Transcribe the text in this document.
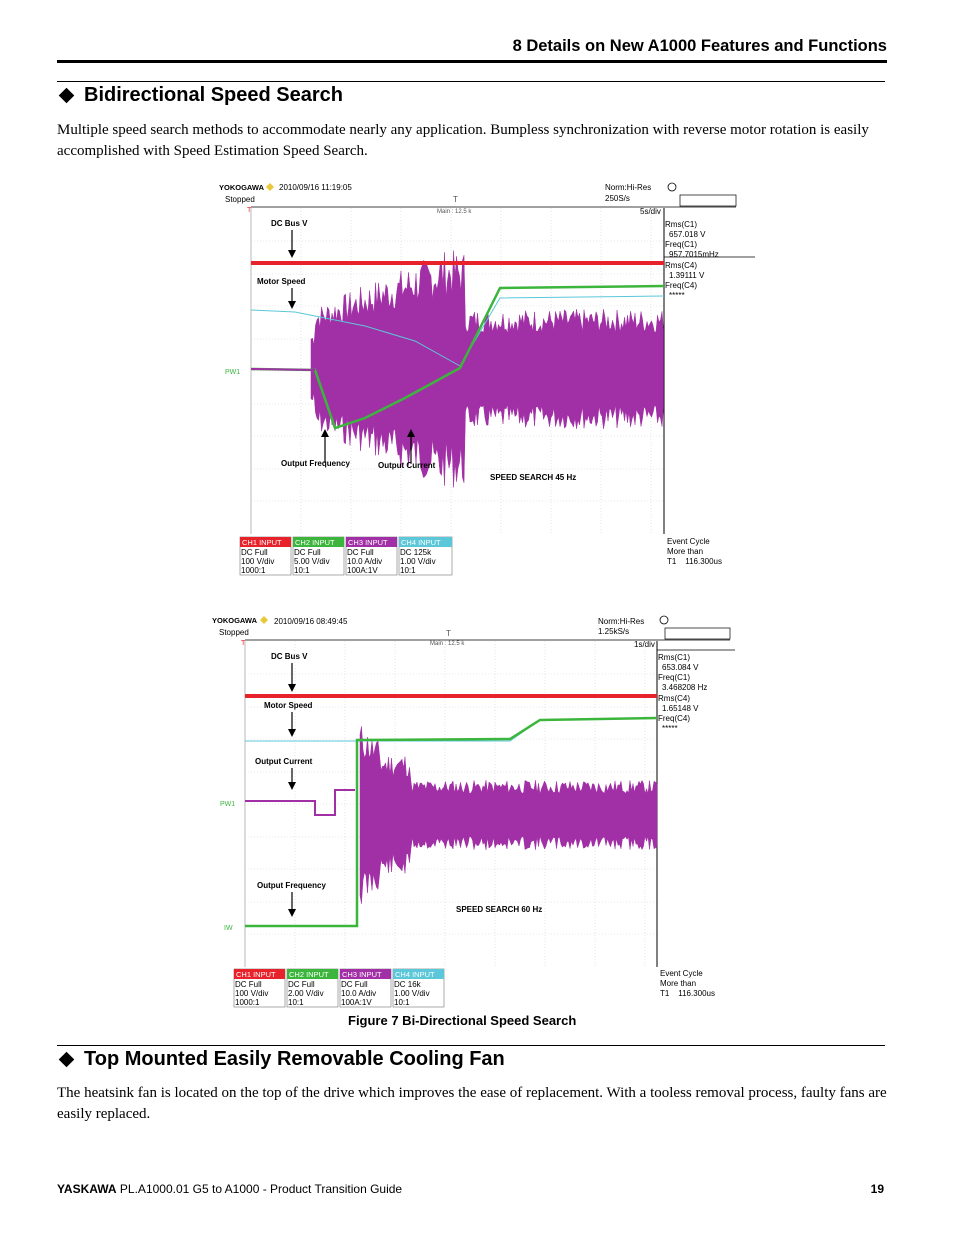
8 Details on New A1000 Features and Functions
Bidirectional Speed Search
Multiple speed search methods to accommodate nearly any application. Bumpless synchronization with reverse motor rotation is easily accomplished with Speed Estimation Speed Search.
YOKOGAWA 2010/09/16 11:19:05
Stopped
Norm:Hi-Res
250S/s
5s/div
Main : 12.5 k
T
T
PW1
DC Bus V
Motor Speed
Output Frequency	Output Current
SPEED SEARCH 45 Hz
Rms(C1)
657.018 V
Freq(C1)
957.7015mHz
Rms(C4)
1.39111 V
Freq(C4)
*****
CH1 INPUT
DC Full
100 V/div
1000:1
CH2 INPUT
DC Full
5.00 V/div
10:1
CH3 INPUT
DC Full
10.0 A/div
100A:1V
CH4 INPUT
DC 125k
1.00 V/div
10:1
Event Cycle
More than
T1    116.300us
YOKOGAWA 2010/09/16 08:49:45
Stopped
Norm:Hi-Res
1.25kS/s
1s/div
Main : 12.5 k
T
T
PW1
IW
DC Bus V
Motor Speed
Output Current
Output Frequency
SPEED SEARCH 60 Hz
Rms(C1)
653.084 V
Freq(C1)
3.468208 Hz
Rms(C4)
1.65148 V
Freq(C4)
*****
CH1 INPUT
DC Full
100 V/div
1000:1
CH2 INPUT
DC Full
2.00 V/div
10:1
CH3 INPUT
DC Full
10.0 A/div
100A:1V
CH4 INPUT
DC 16k
1.00 V/div
10:1
Event Cycle
More than
T1    116.300us
Figure 7 Bi-Directional Speed Search
Top Mounted Easily Removable Cooling Fan
The heatsink fan is located on the top of the drive which improves the ease of replacement. With a tooless removal process, faulty fans are easily replaced.
YASKAWA PL.A1000.01 G5 to A1000 - Product Transition Guide	19
